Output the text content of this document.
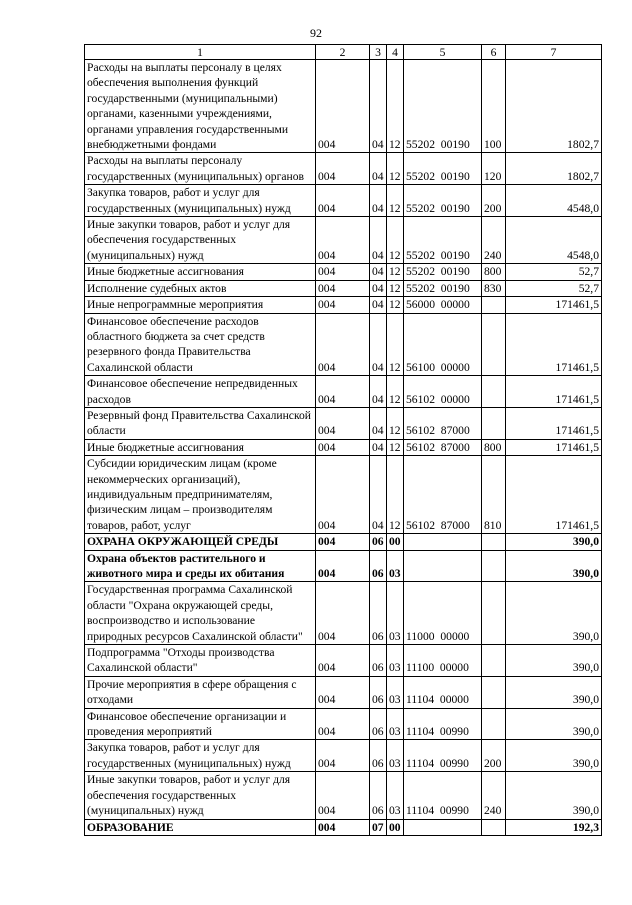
92
1	2	3	4	5	6	7
Расходы на выплаты персоналу в целях обеспечения выполнения функций государственными (муниципальными) органами, казенными учреждениями, органами управления государственными внебюджетными фондами	004	04	12	55202  00190	100	1802,7
Расходы на выплаты персоналу государственных (муниципальных) органов	004	04	12	55202  00190	120	1802,7
Закупка товаров, работ и услуг для государственных (муниципальных) нужд	004	04	12	55202  00190	200	4548,0
Иные закупки товаров, работ и услуг для обеспечения государственных (муниципальных) нужд	004	04	12	55202  00190	240	4548,0
Иные бюджетные ассигнования	004	04	12	55202  00190	800	52,7
Исполнение судебных актов	004	04	12	55202  00190	830	52,7
Иные непрограммные мероприятия	004	04	12	56000  00000		171461,5
Финансовое обеспечение расходов областного бюджета за счет средств резервного фонда Правительства Сахалинской области	004	04	12	56100  00000		171461,5
Финансовое обеспечение непредвиденных расходов	004	04	12	56102  00000		171461,5
Резервный фонд Правительства Сахалинской области	004	04	12	56102  87000		171461,5
Иные бюджетные ассигнования	004	04	12	56102  87000	800	171461,5
Субсидии юридическим лицам (кроме некоммерческих организаций), индивидуальным предпринимателям, физическим лицам – производителям товаров, работ, услуг	004	04	12	56102  87000	810	171461,5
ОХРАНА ОКРУЖАЮЩЕЙ СРЕДЫ	004	06	00			390,0
Охрана объектов растительного и животного мира и среды их обитания	004	06	03			390,0
Государственная программа Сахалинской области "Охрана окружающей среды, воспроизводство и использование природных ресурсов Сахалинской области"	004	06	03	11000  00000		390,0
Подпрограмма "Отходы производства Сахалинской области"	004	06	03	11100  00000		390,0
Прочие мероприятия в сфере обращения с отходами	004	06	03	11104  00000		390,0
Финансовое обеспечение организации и проведения мероприятий	004	06	03	11104  00990		390,0
Закупка товаров, работ и услуг для государственных (муниципальных) нужд	004	06	03	11104  00990	200	390,0
Иные закупки товаров, работ и услуг для обеспечения государственных (муниципальных) нужд	004	06	03	11104  00990	240	390,0
ОБРАЗОВАНИЕ	004	07	00			192,3
